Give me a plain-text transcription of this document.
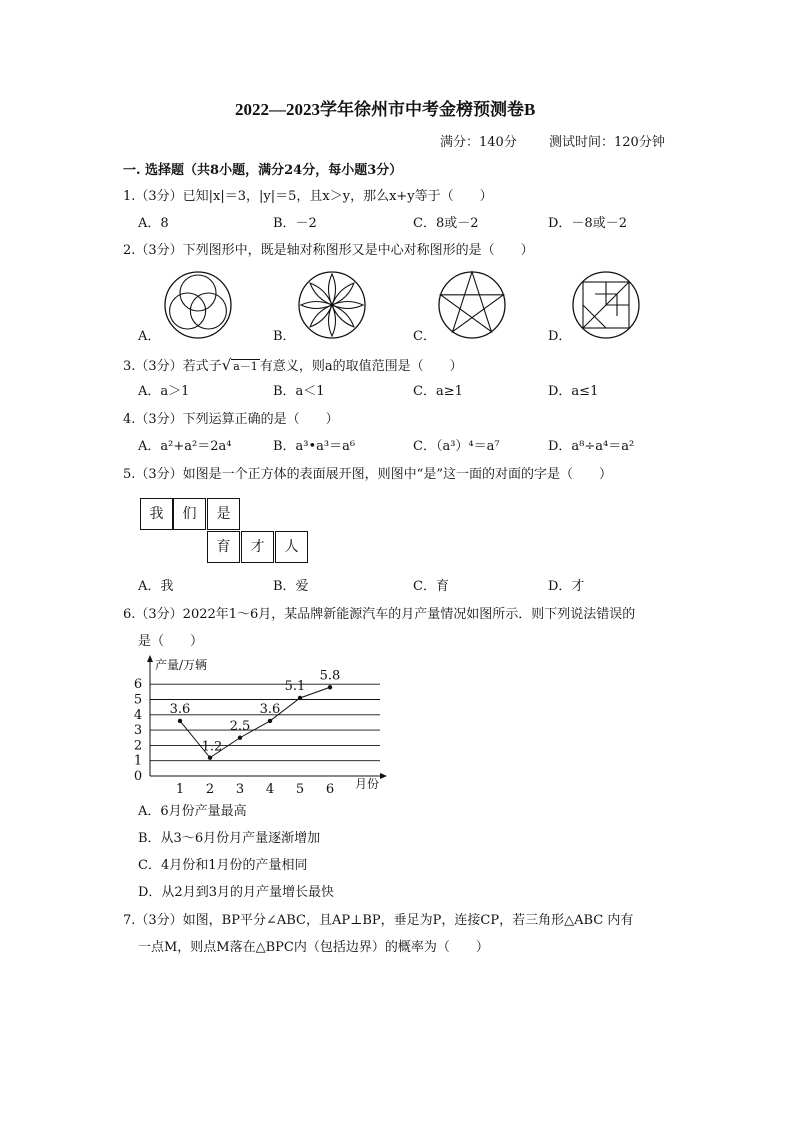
2022—2023学年徐州市中考金榜预测卷B
满分：140分 测试时间：120分钟
一. 选择题（共8小题，满分24分，每小题3分）
1.（3分）已知|x|＝3，|y|＝5，且x＞y，那么x+y等于（　　）
A．8	B．－2	C．8或－2	D．－8或－2
2.（3分）下列图形中，既是轴对称图形又是中心对称图形的是（　　）
A．	B．	C．	D．
3.（3分）若式子√ a－1 有意义，则a的取值范围是（　　）
A．a＞1	B．a＜1	C．a≥1	D．a≤1
4.（3分）下列运算正确的是（　　）
A．a²+a²＝2a⁴	B．a³•a³＝a⁶	C．（a³）⁴＝a⁷	D．a⁸÷a⁴＝a²
5.（3分）如图是一个正方体的表面展开图，则图中“是”这一面的对面的字是（　　）
我	们	是
育	才	人
A．我	B．爱	C．育	D．才
6.（3分）2022年1～6月，某品牌新能源汽车的月产量情况如图所示．则下列说法错误的
是（　　）
产量/万辆
月份
0
1
2
3
4
5
6
1 2 3 4 5 6
3.6
1.2
2.5
3.6
5.1
5.8
A．6月份产量最高
B．从3～6月份月产量逐渐增加
C．4月份和1月份的产量相同
D．从2月到3月的月产量增长最快
7.（3分）如图，BP平分∠ABC，且AP⊥BP，垂足为P，连接CP，若三角形△ABC 内有
一点M，则点M落在△BPC内（包括边界）的概率为（　　）
